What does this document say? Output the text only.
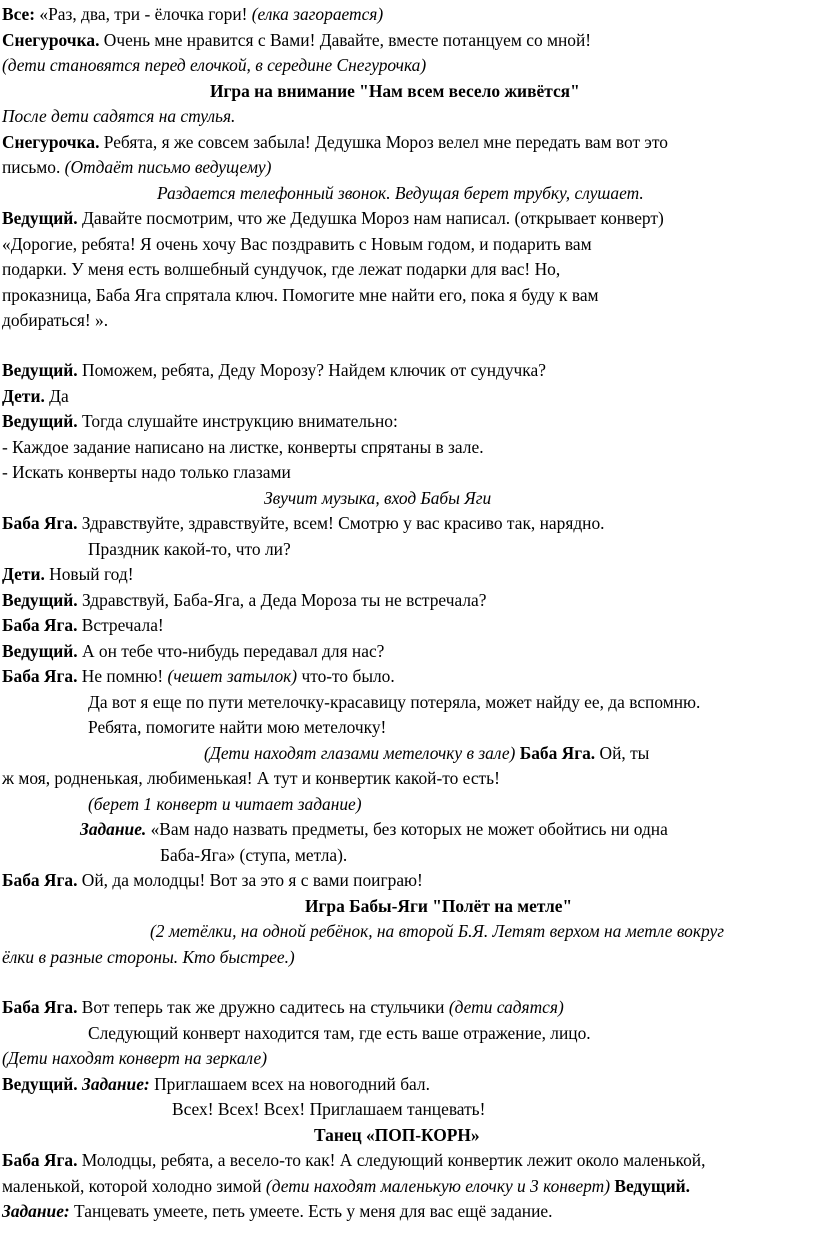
Все: «Раз, два, три - ёлочка гори! (елка загорается)
Снегурочка. Очень мне нравится с Вами! Давайте, вместе потанцуем со мной!
(дети становятся перед елочкой, в середине Снегурочка)
Игра на внимание "Нам всем весело живётся"
После дети садятся на стулья.
Снегурочка. Ребята, я же совсем забыла! Дедушка Мороз велел мне передать вам вот это
письмо. (Отдаёт письмо ведущему)
Раздается телефонный звонок. Ведущая берет трубку, слушает.
Ведущий. Давайте посмотрим, что же Дедушка Мороз нам написал. (открывает конверт)
«Дорогие, ребята! Я очень хочу Вас поздравить с Новым годом, и подарить вам
подарки. У меня есть волшебный сундучок, где лежат подарки для вас! Но,
проказница, Баба Яга спрятала ключ. Помогите мне найти его, пока я буду к вам
добираться! ».
Ведущий. Поможем, ребята, Деду Морозу? Найдем ключик от сундучка?
Дети. Да
Ведущий. Тогда слушайте инструкцию внимательно:
- Каждое задание написано на листке, конверты спрятаны в зале.
- Искать конверты надо только глазами
Звучит музыка, вход Бабы Яги
Баба Яга. Здравствуйте, здравствуйте, всем! Смотрю у вас красиво так, нарядно.
Праздник какой-то, что ли?
Дети. Новый год!
Ведущий. Здравствуй, Баба-Яга, а Деда Мороза ты не встречала?
Баба Яга. Встречала!
Ведущий. А он тебе что-нибудь передавал для нас?
Баба Яга. Не помню! (чешет затылок) что-то было.
Да вот я еще по пути метелочку-красавицу потеряла, может найду ее, да вспомню.
Ребята, помогите найти мою метелочку!
(Дети находят глазами метелочку в зале) Баба Яга. Ой, ты
ж моя, родненькая, любименькая! А тут и конвертик какой-то есть!
(берет 1 конверт и читает задание)
Задание. «Вам надо назвать предметы, без которых не может обойтись ни одна
Баба-Яга» (ступа, метла).
Баба Яга. Ой, да молодцы! Вот за это я с вами поиграю!
Игра Бабы-Яги "Полёт на метле"
(2 метёлки, на одной ребёнок, на второй Б.Я. Летят верхом на метле вокруг
ёлки в разные стороны. Кто быстрее.)
Баба Яга. Вот теперь так же дружно садитесь на стульчики (дети садятся)
Следующий конверт находится там, где есть ваше отражение, лицо.
(Дети находят конверт на зеркале)
Ведущий. Задание: Приглашаем всех на новогодний бал.
Всех! Всех! Всех! Приглашаем танцевать!
Танец «ПОП-КОРН»
Баба Яга. Молодцы, ребята, а весело-то как! А следующий конвертик лежит около маленькой,
маленькой, которой холодно зимой (дети находят маленькую елочку и 3 конверт) Ведущий.
Задание: Танцевать умеете, петь умеете. Есть у меня для вас ещё задание.
